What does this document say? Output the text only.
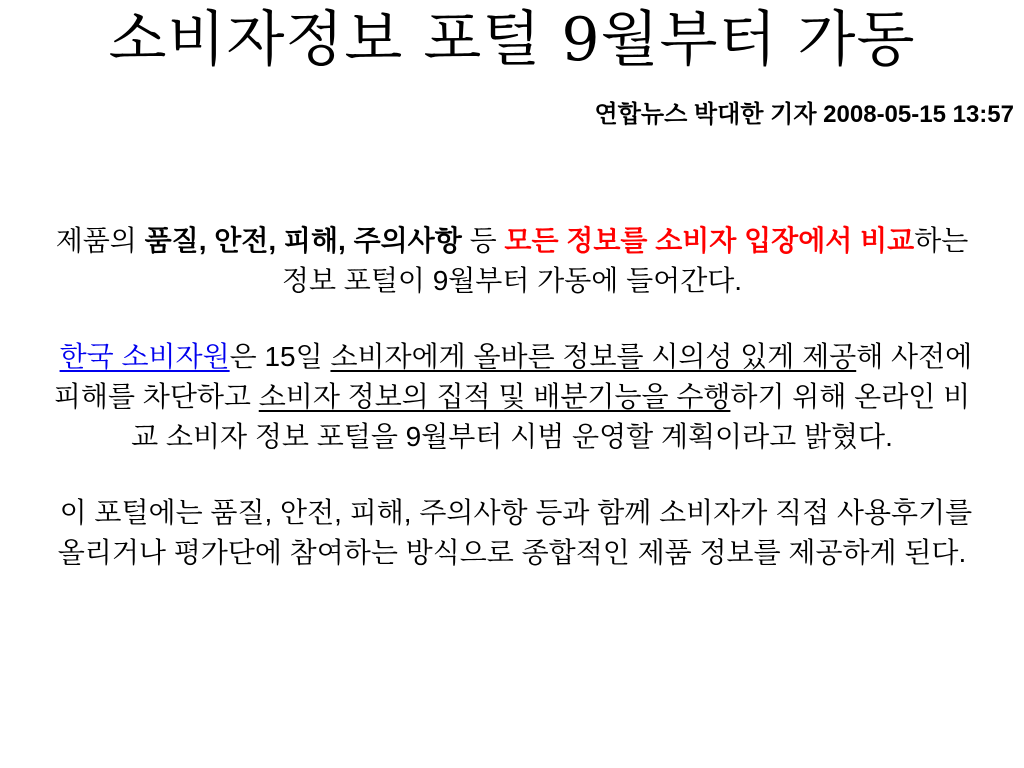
소비자정보 포털 9월부터 가동
연합뉴스 박대한 기자 2008-05-15 13:57
제품의 품질, 안전, 피해, 주의사항 등 모든 정보를 소비자 입장에서 비교하는
정보 포털이 9월부터 가동에 들어간다.
한국 소비자원은 15일 소비자에게 올바른 정보를 시의성 있게 제공해 사전에
피해를 차단하고 소비자 정보의 집적 및 배분기능을 수행하기 위해 온라인 비
교 소비자 정보 포털을 9월부터 시범 운영할 계획이라고 밝혔다.
이 포털에는 품질, 안전, 피해, 주의사항 등과 함께 소비자가 직접 사용후기를
올리거나 평가단에 참여하는 방식으로 종합적인 제품 정보를 제공하게 된다.
